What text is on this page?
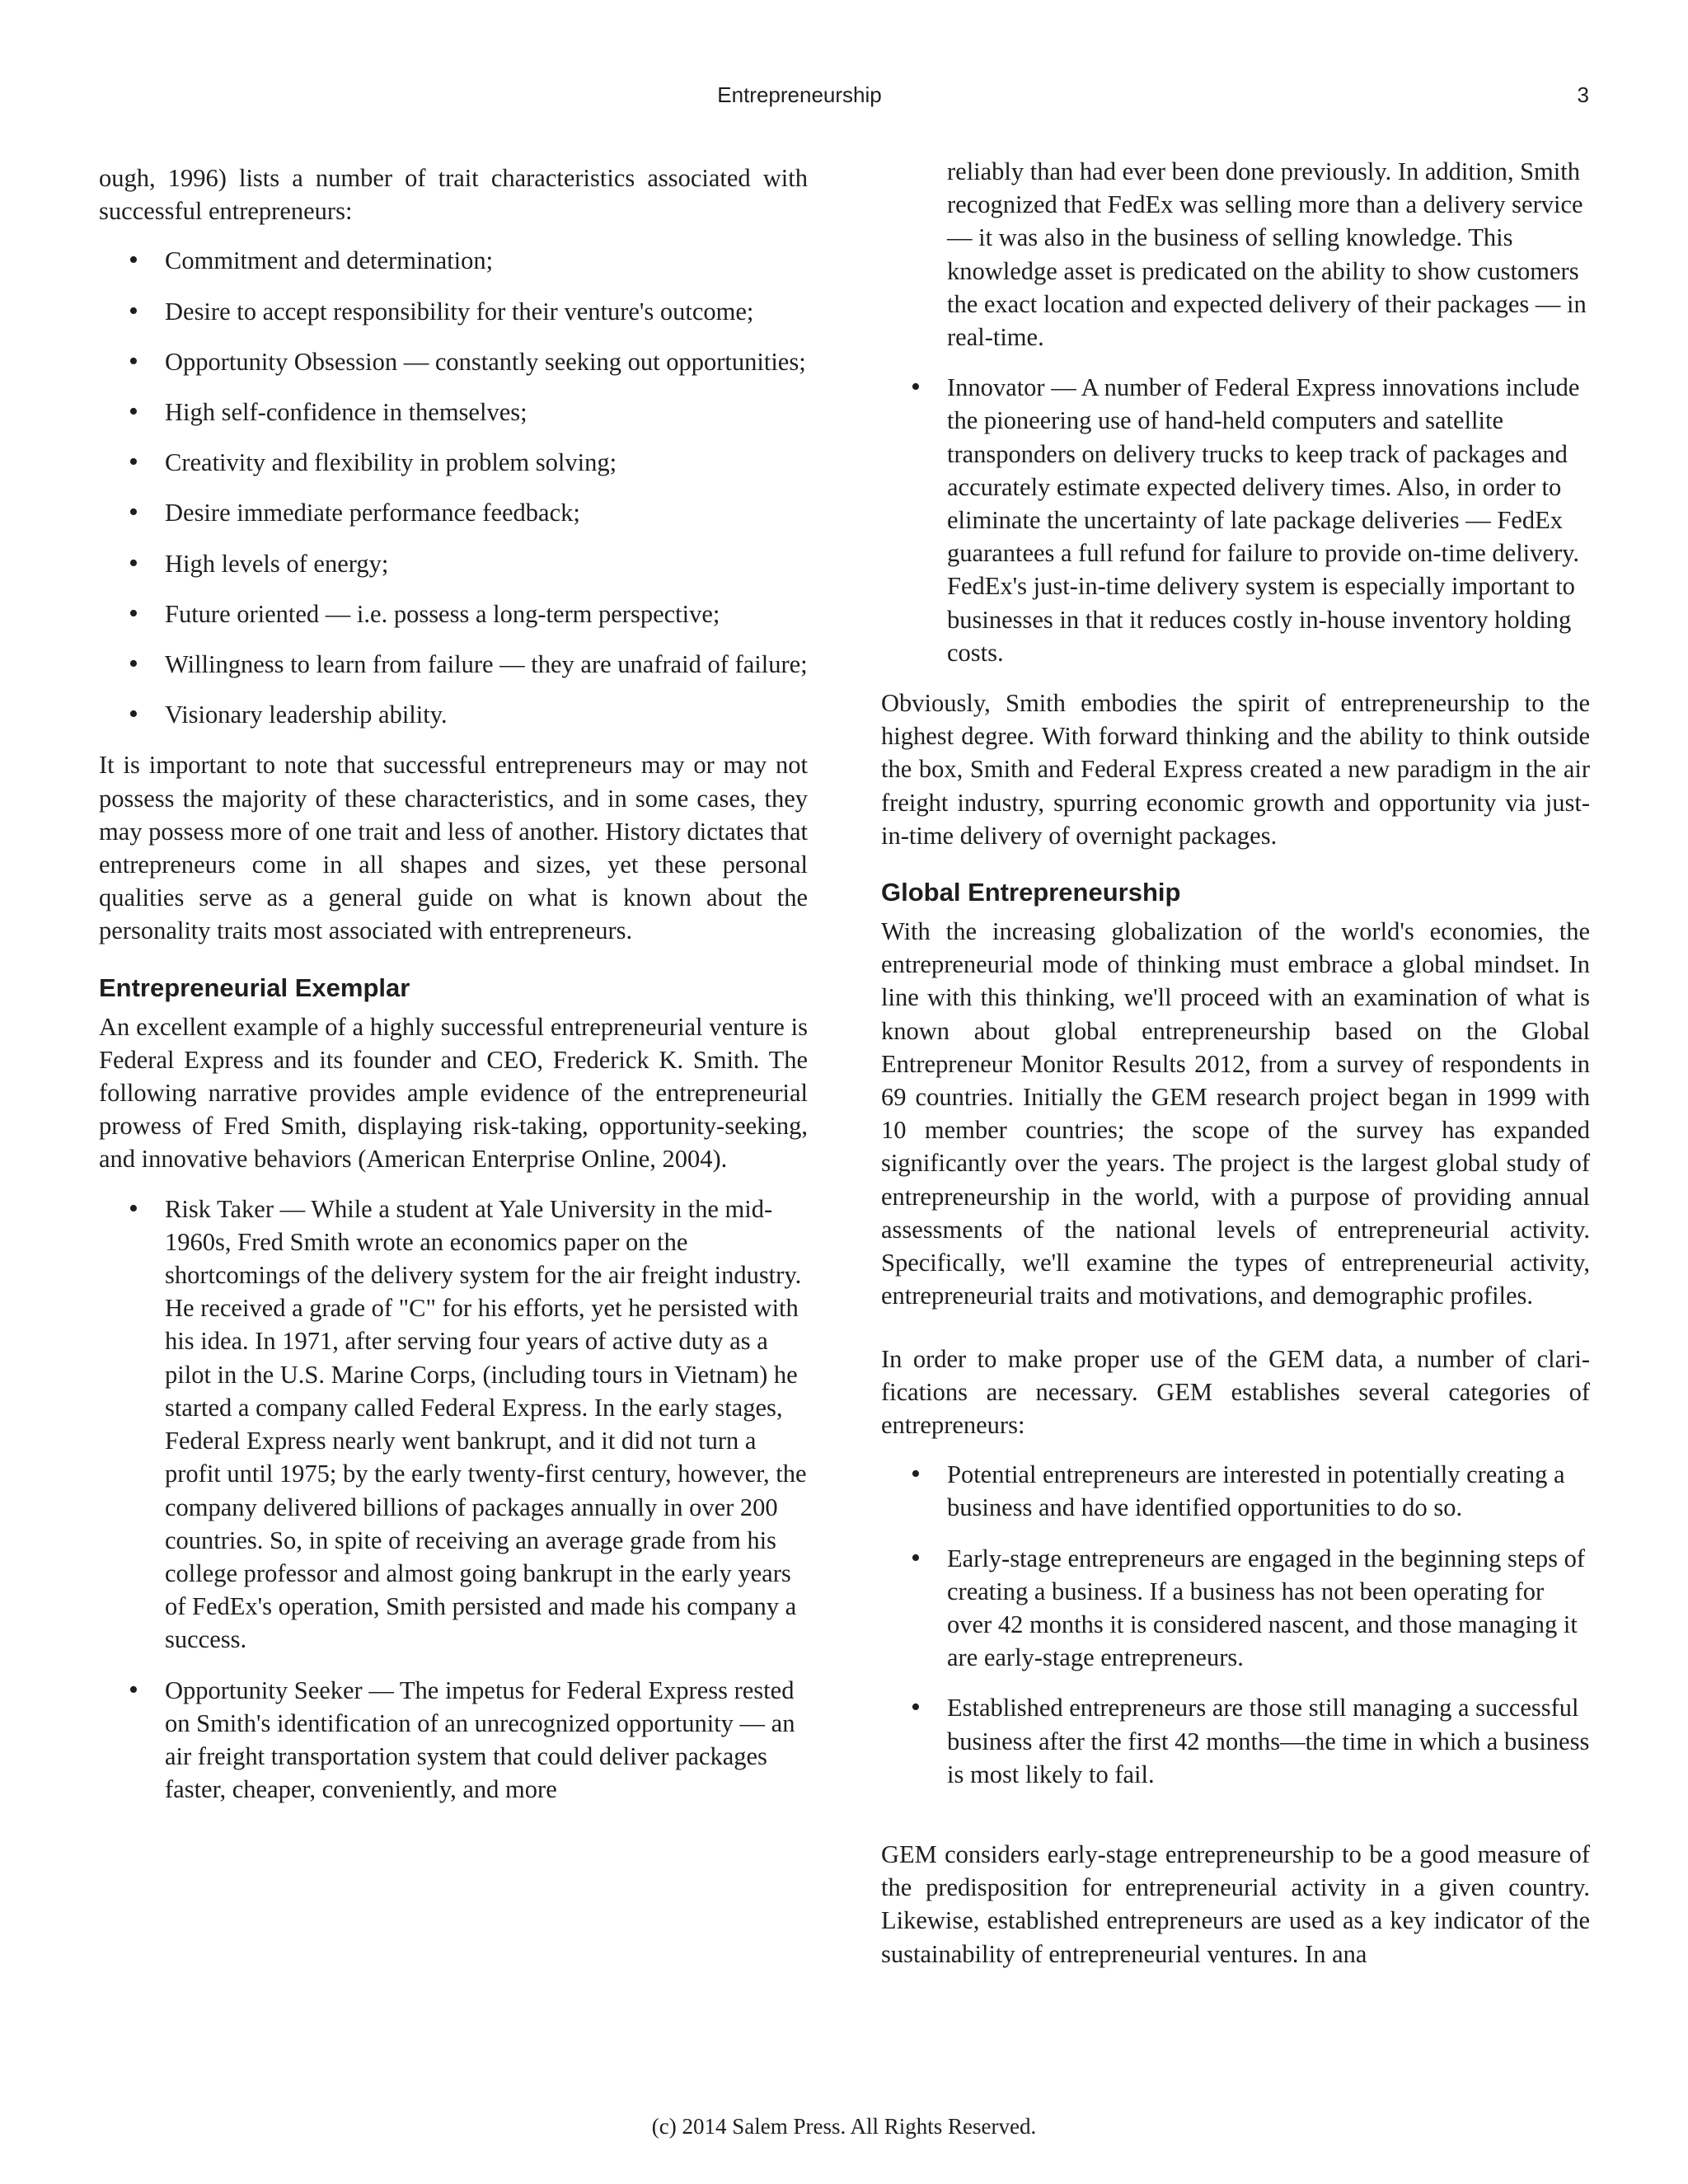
Entrepreneurship	3

ough, 1996) lists a number of trait characteristics associated with successful entrepreneurs:

• Commitment and determination;
• Desire to accept responsibility for their venture's outcome;
• Opportunity Obsession — constantly seeking out opportunities;
• High self-confidence in themselves;
• Creativity and flexibility in problem solving;
• Desire immediate performance feedback;
• High levels of energy;
• Future oriented — i.e. possess a long-term perspective;
• Willingness to learn from failure — they are unafraid of failure;
• Visionary leadership ability.

It is important to note that successful entrepreneurs may or may not possess the majority of these characteristics, and in some cases, they may possess more of one trait and less of another. History dictates that entrepreneurs come in all shapes and sizes, yet these personal qualities serve as a general guide on what is known about the personality traits most associated with entrepreneurs.

Entrepreneurial Exemplar

An excellent example of a highly successful entrepreneurial venture is Federal Express and its founder and CEO, Frederick K. Smith. The following narrative provides ample evidence of the entrepreneurial prowess of Fred Smith, displaying risk-taking, opportunity-seeking, and innovative behaviors (American Enterprise Online, 2004).

• Risk Taker — While a student at Yale University in the mid-1960s, Fred Smith wrote an economics paper on the shortcomings of the delivery system for the air freight industry. He received a grade of "C" for his efforts, yet he persisted with his idea. In 1971, after serving four years of active duty as a pilot in the U.S. Marine Corps, (including tours in Vietnam) he started a company called Federal Express. In the early stages, Federal Express nearly went bankrupt, and it did not turn a profit until 1975; by the early twenty-first century, however, the company delivered billions of packages annually in over 200 countries. So, in spite of receiving an average grade from his college professor and almost going bankrupt in the early years of FedEx's operation, Smith persisted and made his company a success.
• Opportunity Seeker — The impetus for Federal Express rested on Smith's identification of an unrecognized opportunity — an air freight transportation system that could deliver packages faster, cheaper, conveniently, and more
reliably than had ever been done previously. In addition, Smith recognized that FedEx was selling more than a delivery service — it was also in the business of selling knowledge. This knowledge asset is predicated on the ability to show customers the exact location and expected delivery of their packages — in real-time.
• Innovator — A number of Federal Express innovations include the pioneering use of hand-held computers and satellite transponders on delivery trucks to keep track of packages and accurately estimate expected delivery times. Also, in order to eliminate the uncertainty of late package deliveries — FedEx guarantees a full refund for failure to provide on-time delivery. FedEx's just-in-time delivery system is especially important to businesses in that it reduces costly in-house inventory holding costs.

Obviously, Smith embodies the spirit of entrepreneurship to the highest degree. With forward thinking and the ability to think outside the box, Smith and Federal Express created a new paradigm in the air freight industry, spurring economic growth and opportunity via just-in-time delivery of overnight packages.

Global Entrepreneurship

With the increasing globalization of the world's economies, the entrepreneurial mode of thinking must embrace a global mindset. In line with this thinking, we'll proceed with an examination of what is known about global entrepreneurship based on the Global Entrepreneur Monitor Results 2012, from a survey of respondents in 69 countries. Initially the GEM research project began in 1999 with 10 member countries; the scope of the survey has expanded significantly over the years. The project is the largest global study of entrepreneurship in the world, with a purpose of providing annual assessments of the national levels of entrepreneurial activity. Specifically, we'll examine the types of entrepreneurial activity, entrepreneurial traits and motivations, and demographic profiles.

In order to make proper use of the GEM data, a number of clarifications are necessary. GEM establishes several categories of entrepreneurs:

• Potential entrepreneurs are interested in potentially creating a business and have identified opportunities to do so.
• Early-stage entrepreneurs are engaged in the beginning steps of creating a business. If a business has not been operating for over 42 months it is considered nascent, and those managing it are early-stage entrepreneurs.
• Established entrepreneurs are those still managing a successful business after the first 42 months—the time in which a business is most likely to fail.

GEM considers early-stage entrepreneurship to be a good measure of the predisposition for entrepreneurial activity in a given country. Likewise, established entrepreneurs are used as a key indicator of the sustainability of entrepreneurial ventures. In ana

(c) 2014 Salem Press. All Rights Reserved.
